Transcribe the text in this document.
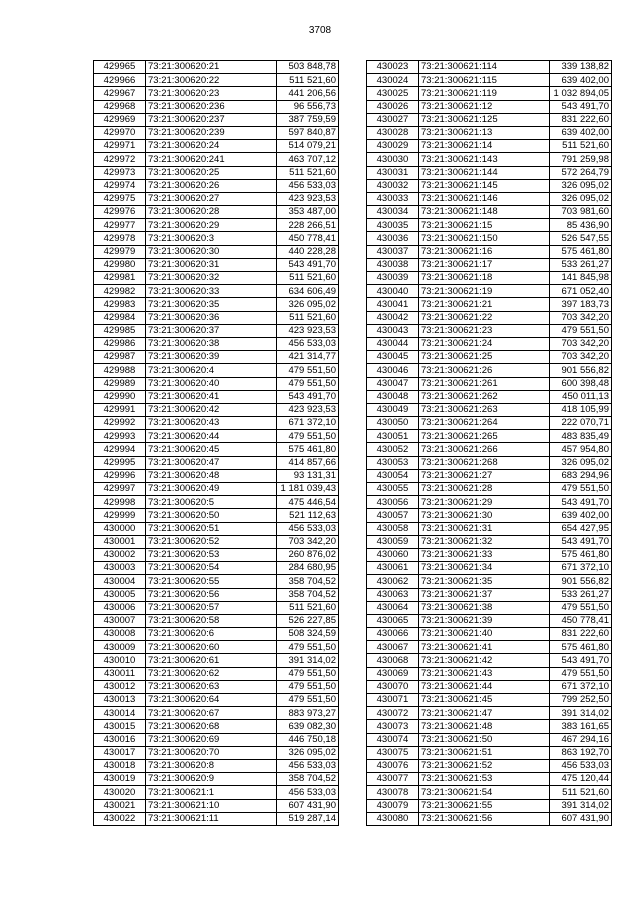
3708
429965	73:21:300620:21	503 848,78
429966	73:21:300620:22	511 521,60
429967	73:21:300620:23	441 206,56
429968	73:21:300620:236	96 556,73
429969	73:21:300620:237	387 759,59
429970	73:21:300620:239	597 840,87
429971	73:21:300620:24	514 079,21
429972	73:21:300620:241	463 707,12
429973	73:21:300620:25	511 521,60
429974	73:21:300620:26	456 533,03
429975	73:21:300620:27	423 923,53
429976	73:21:300620:28	353 487,00
429977	73:21:300620:29	228 266,51
429978	73:21:300620:3	450 778,41
429979	73:21:300620:30	440 228,28
429980	73:21:300620:31	543 491,70
429981	73:21:300620:32	511 521,60
429982	73:21:300620:33	634 606,49
429983	73:21:300620:35	326 095,02
429984	73:21:300620:36	511 521,60
429985	73:21:300620:37	423 923,53
429986	73:21:300620:38	456 533,03
429987	73:21:300620:39	421 314,77
429988	73:21:300620:4	479 551,50
429989	73:21:300620:40	479 551,50
429990	73:21:300620:41	543 491,70
429991	73:21:300620:42	423 923,53
429992	73:21:300620:43	671 372,10
429993	73:21:300620:44	479 551,50
429994	73:21:300620:45	575 461,80
429995	73:21:300620:47	414 857,66
429996	73:21:300620:48	93 131,31
429997	73:21:300620:49	1 181 039,43
429998	73:21:300620:5	475 446,54
429999	73:21:300620:50	521 112,63
430000	73:21:300620:51	456 533,03
430001	73:21:300620:52	703 342,20
430002	73:21:300620:53	260 876,02
430003	73:21:300620:54	284 680,95
430004	73:21:300620:55	358 704,52
430005	73:21:300620:56	358 704,52
430006	73:21:300620:57	511 521,60
430007	73:21:300620:58	526 227,85
430008	73:21:300620:6	508 324,59
430009	73:21:300620:60	479 551,50
430010	73:21:300620:61	391 314,02
430011	73:21:300620:62	479 551,50
430012	73:21:300620:63	479 551,50
430013	73:21:300620:64	479 551,50
430014	73:21:300620:67	883 973,27
430015	73:21:300620:68	639 082,30
430016	73:21:300620:69	446 750,18
430017	73:21:300620:70	326 095,02
430018	73:21:300620:8	456 533,03
430019	73:21:300620:9	358 704,52
430020	73:21:300621:1	456 533,03
430021	73:21:300621:10	607 431,90
430022	73:21:300621:11	519 287,14
430023	73:21:300621:114	339 138,82
430024	73:21:300621:115	639 402,00
430025	73:21:300621:119	1 032 894,05
430026	73:21:300621:12	543 491,70
430027	73:21:300621:125	831 222,60
430028	73:21:300621:13	639 402,00
430029	73:21:300621:14	511 521,60
430030	73:21:300621:143	791 259,98
430031	73:21:300621:144	572 264,79
430032	73:21:300621:145	326 095,02
430033	73:21:300621:146	326 095,02
430034	73:21:300621:148	703 981,60
430035	73:21:300621:15	85 436,90
430036	73:21:300621:150	526 547,55
430037	73:21:300621:16	575 461,80
430038	73:21:300621:17	533 261,27
430039	73:21:300621:18	141 845,98
430040	73:21:300621:19	671 052,40
430041	73:21:300621:21	397 183,73
430042	73:21:300621:22	703 342,20
430043	73:21:300621:23	479 551,50
430044	73:21:300621:24	703 342,20
430045	73:21:300621:25	703 342,20
430046	73:21:300621:26	901 556,82
430047	73:21:300621:261	600 398,48
430048	73:21:300621:262	450 011,13
430049	73:21:300621:263	418 105,99
430050	73:21:300621:264	222 070,71
430051	73:21:300621:265	483 835,49
430052	73:21:300621:266	457 954,80
430053	73:21:300621:268	326 095,02
430054	73:21:300621:27	683 294,96
430055	73:21:300621:28	479 551,50
430056	73:21:300621:29	543 491,70
430057	73:21:300621:30	639 402,00
430058	73:21:300621:31	654 427,95
430059	73:21:300621:32	543 491,70
430060	73:21:300621:33	575 461,80
430061	73:21:300621:34	671 372,10
430062	73:21:300621:35	901 556,82
430063	73:21:300621:37	533 261,27
430064	73:21:300621:38	479 551,50
430065	73:21:300621:39	450 778,41
430066	73:21:300621:40	831 222,60
430067	73:21:300621:41	575 461,80
430068	73:21:300621:42	543 491,70
430069	73:21:300621:43	479 551,50
430070	73:21:300621:44	671 372,10
430071	73:21:300621:45	799 252,50
430072	73:21:300621:47	391 314,02
430073	73:21:300621:48	383 161,65
430074	73:21:300621:50	467 294,16
430075	73:21:300621:51	863 192,70
430076	73:21:300621:52	456 533,03
430077	73:21:300621:53	475 120,44
430078	73:21:300621:54	511 521,60
430079	73:21:300621:55	391 314,02
430080	73:21:300621:56	607 431,90
